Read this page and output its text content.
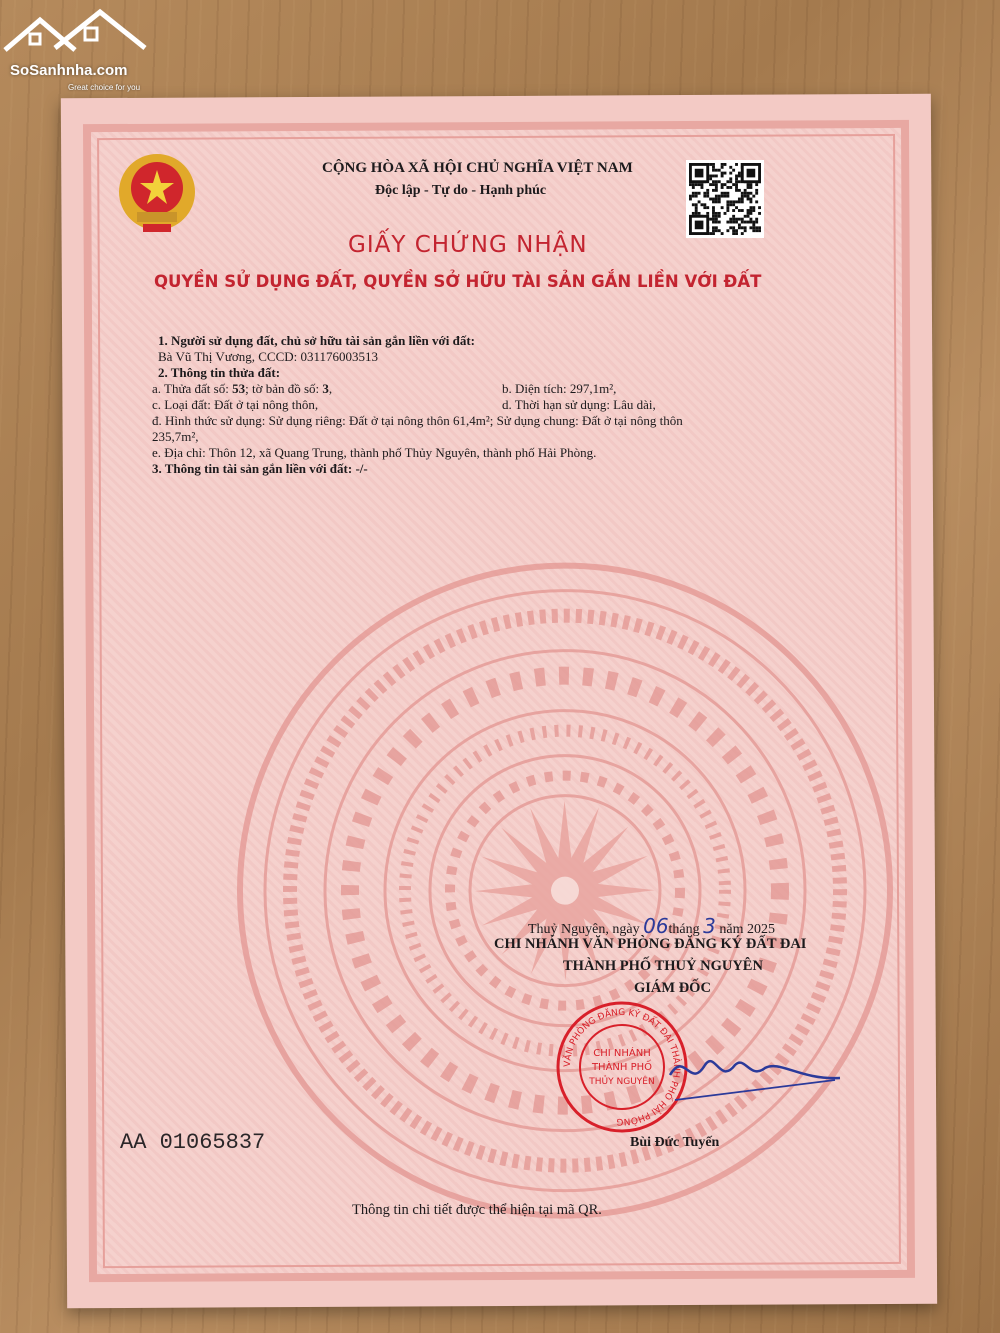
SoSanhnha.com
Great choice for you
CỘNG HÒA XÃ HỘI CHỦ NGHĨA VIỆT NAM
Độc lập - Tự do - Hạnh phúc
GIẤY CHỨNG NHẬN
QUYỀN SỬ DỤNG ĐẤT, QUYỀN SỞ HỮU TÀI SẢN GẮN LIỀN VỚI ĐẤT
1. Người sử dụng đất, chủ sở hữu tài sản gắn liền với đất:
Bà Vũ Thị Vương, CCCD: 031176003513
2. Thông tin thửa đất:
a. Thửa đất số: 53; tờ bản đồ số: 3,	b. Diện tích: 297,1m²,
c. Loại đất: Đất ở tại nông thôn,	d. Thời hạn sử dụng: Lâu dài,
đ. Hình thức sử dụng: Sử dụng riêng: Đất ở tại nông thôn 61,4m²; Sử dụng chung: Đất ở tại nông thôn
235,7m²,
e. Địa chỉ: Thôn 12, xã Quang Trung, thành phố Thủy Nguyên, thành phố Hải Phòng.
3. Thông tin tài sản gắn liền với đất: -/-
Thuỷ Nguyên, ngày 06tháng 3 năm 2025
CHI NHÁNH VĂN PHÒNG ĐĂNG KÝ ĐẤT ĐAI
THÀNH PHỐ THUỶ NGUYÊN
GIÁM ĐỐC
VĂN PHÒNG ĐĂNG KÝ ĐẤT ĐAI THÀNH PHỐ HẢI PHÒNG
CHI NHÁNH
THÀNH PHỐ
THỦY NGUYÊN
Bùi Đức Tuyến
AA 01065837
Thông tin chi tiết được thể hiện tại mã QR.
